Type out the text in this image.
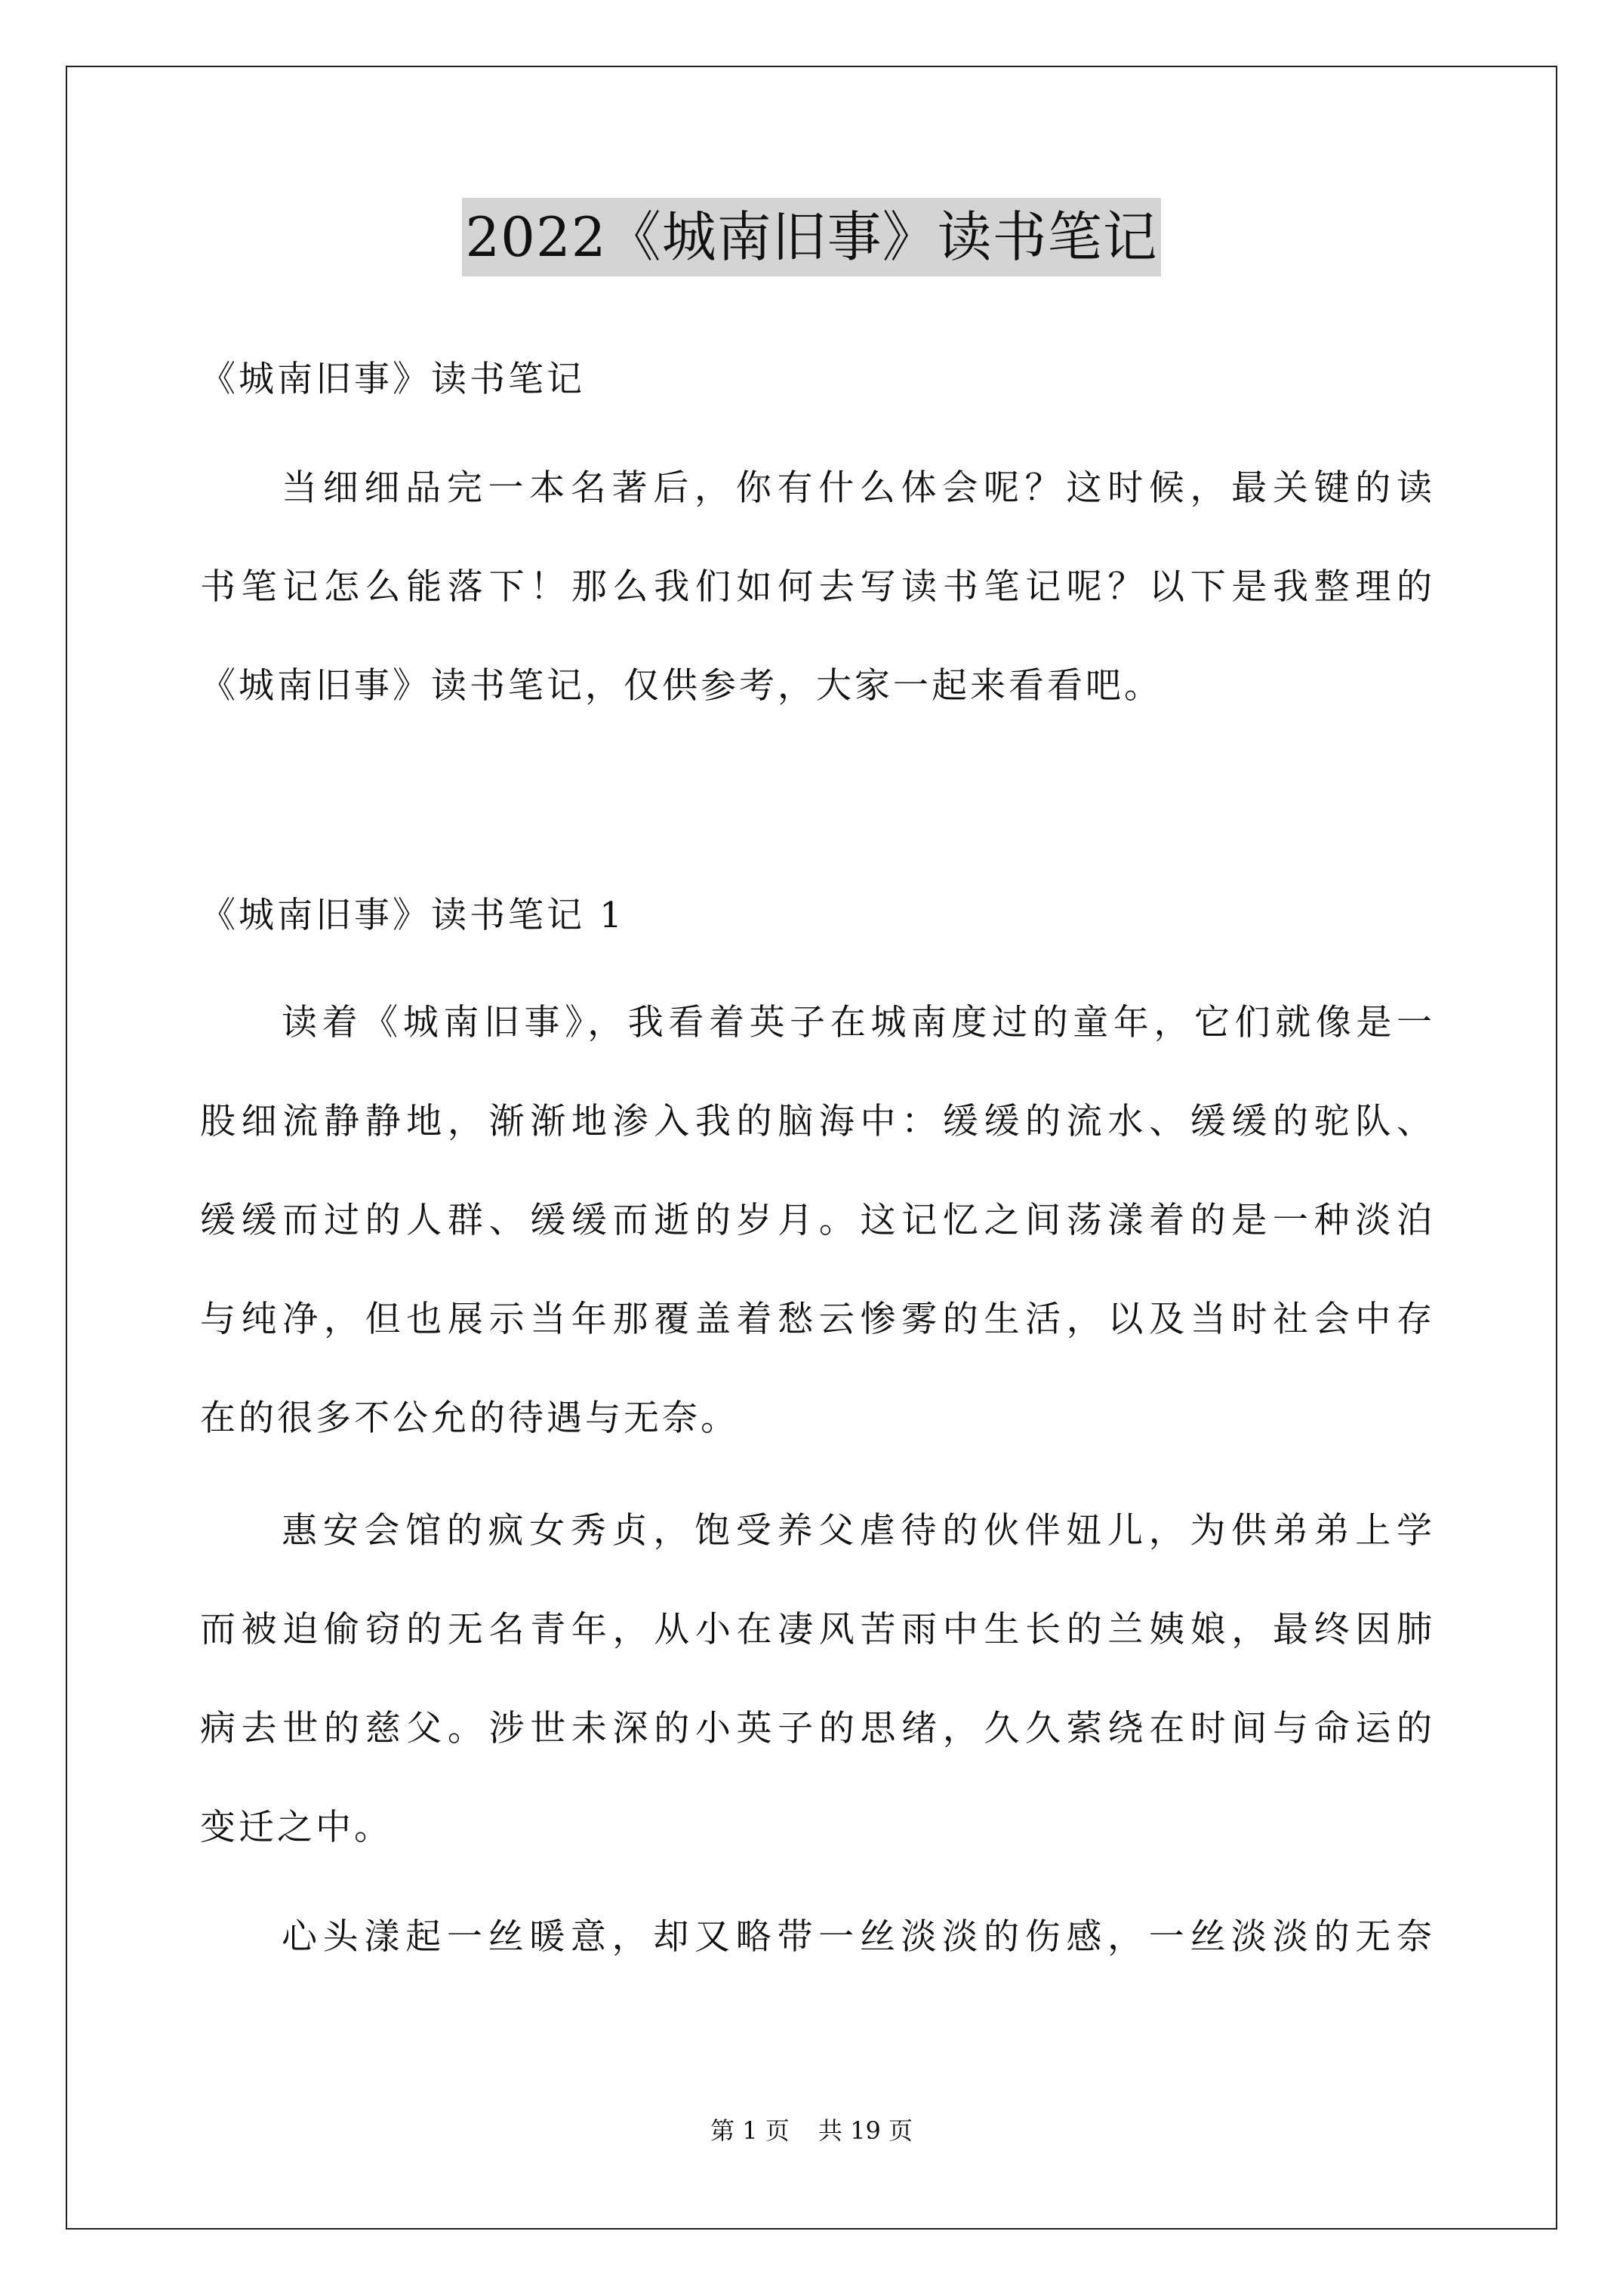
2022《城南旧事》读书笔记

《城南旧事》读书笔记

当细细品完一本名著后，你有什么体会呢？这时候，最关键的读
书笔记怎么能落下！那么我们如何去写读书笔记呢？以下是我整理的
《城南旧事》读书笔记，仅供参考，大家一起来看看吧。

《城南旧事》读书笔记 1

读着《城南旧事》，我看着英子在城南度过的童年，它们就像是一
股细流静静地，渐渐地渗入我的脑海中：缓缓的流水、缓缓的驼队、
缓缓而过的人群、缓缓而逝的岁月。这记忆之间荡漾着的是一种淡泊
与纯净，但也展示当年那覆盖着愁云惨雾的生活，以及当时社会中存
在的很多不公允的待遇与无奈。
惠安会馆的疯女秀贞，饱受养父虐待的伙伴妞儿，为供弟弟上学
而被迫偷窃的无名青年，从小在凄风苦雨中生长的兰姨娘，最终因肺
病去世的慈父。涉世未深的小英子的思绪，久久萦绕在时间与命运的
变迁之中。
心头漾起一丝暖意，却又略带一丝淡淡的伤感，一丝淡淡的无奈
第 1 页 共 19 页
